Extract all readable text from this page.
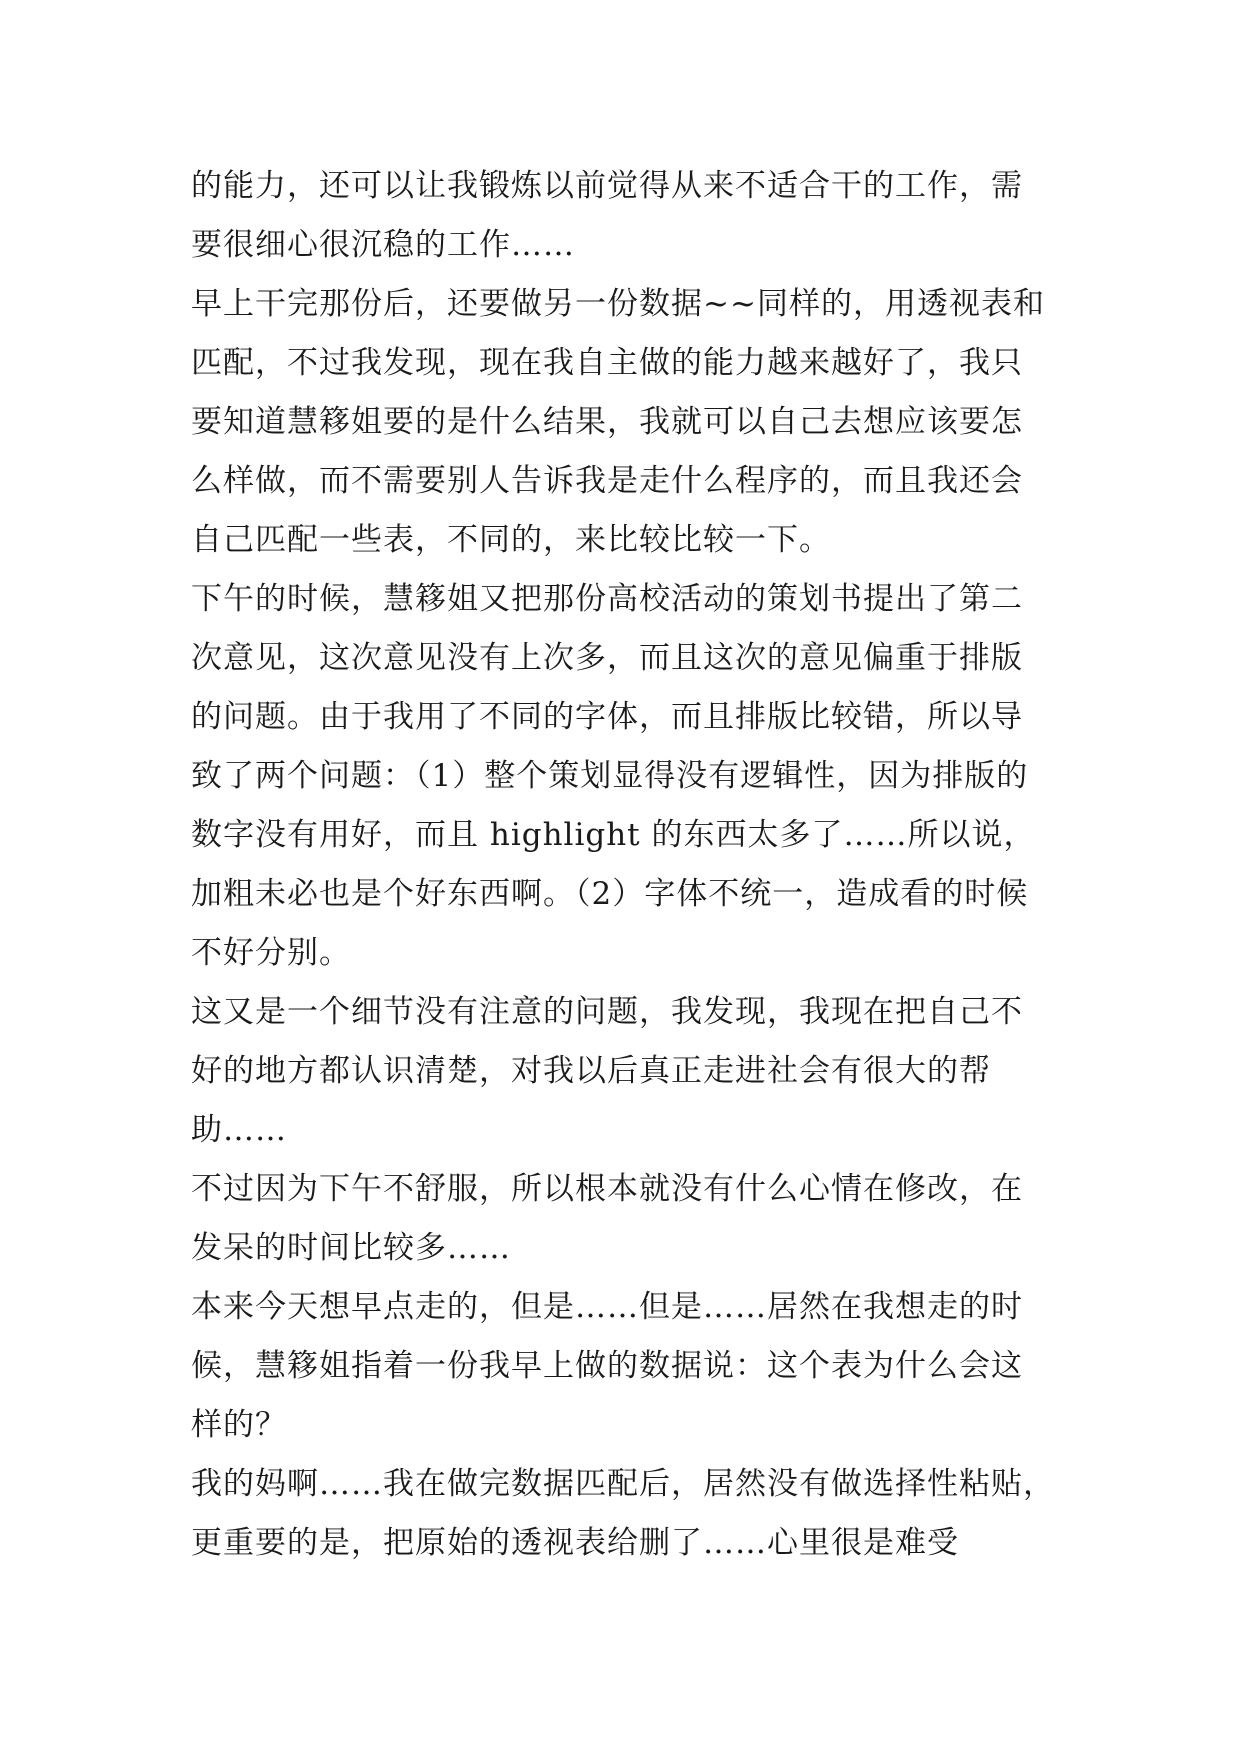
的能力，还可以让我锻炼以前觉得从来不适合干的工作，需
要很细心很沉稳的工作……
早上干完那份后，还要做另一份数据~~同样的，用透视表和
匹配，不过我发现，现在我自主做的能力越来越好了，我只
要知道慧簃姐要的是什么结果，我就可以自己去想应该要怎
么样做，而不需要别人告诉我是走什么程序的，而且我还会
自己匹配一些表，不同的，来比较比较一下。
下午的时候，慧簃姐又把那份高校活动的策划书提出了第二
次意见，这次意见没有上次多，而且这次的意见偏重于排版
的问题。由于我用了不同的字体，而且排版比较错，所以导
致了两个问题：（1）整个策划显得没有逻辑性，因为排版的
数字没有用好，而且 highlight 的东西太多了……所以说，
加粗未必也是个好东西啊。（2）字体不统一，造成看的时候
不好分别。
这又是一个细节没有注意的问题，我发现，我现在把自己不
好的地方都认识清楚，对我以后真正走进社会有很大的帮
助……
不过因为下午不舒服，所以根本就没有什么心情在修改，在
发呆的时间比较多……
本来今天想早点走的，但是……但是……居然在我想走的时
候，慧簃姐指着一份我早上做的数据说：这个表为什么会这
样的？
我的妈啊……我在做完数据匹配后，居然没有做选择性粘贴，
更重要的是，把原始的透视表给删了……心里很是难受
